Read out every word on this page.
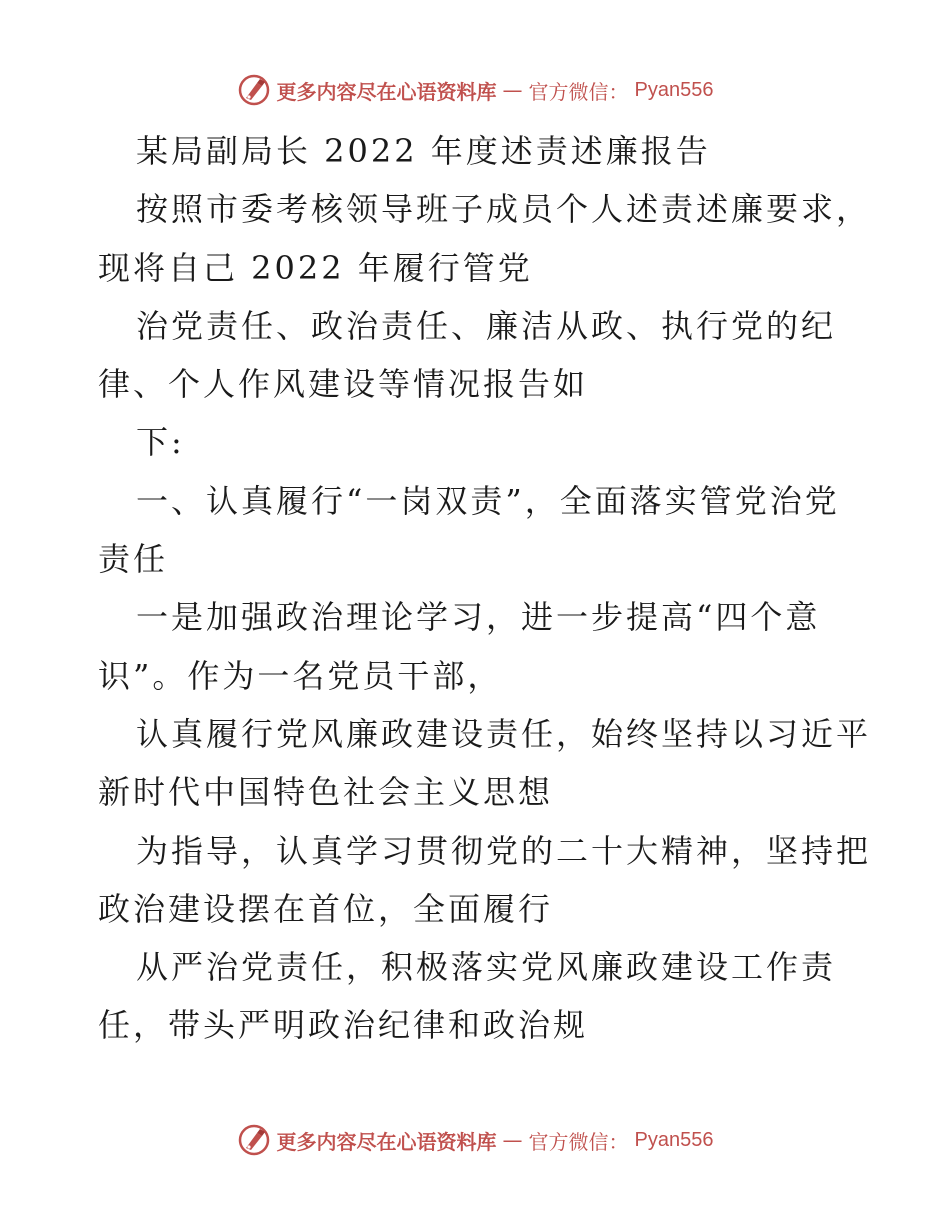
更多内容尽在心语资料库 — 官方微信： Pyan556
某局副局长 2022 年度述责述廉报告
按照市委考核领导班子成员个人述责述廉要求，
现将自己 2022 年履行管党
治党责任、政治责任、廉洁从政、执行党的纪
律、个人作风建设等情况报告如
下:
一、认真履行“一岗双责”，全面落实管党治党
责任
一是加强政治理论学习，进一步提高“四个意
识”。作为一名党员干部，
认真履行党风廉政建设责任，始终坚持以习近平
新时代中国特色社会主义思想
为指导，认真学习贯彻党的二十大精神，坚持把
政治建设摆在首位，全面履行
从严治党责任，积极落实党风廉政建设工作责
任，带头严明政治纪律和政治规
更多内容尽在心语资料库 — 官方微信： Pyan556
